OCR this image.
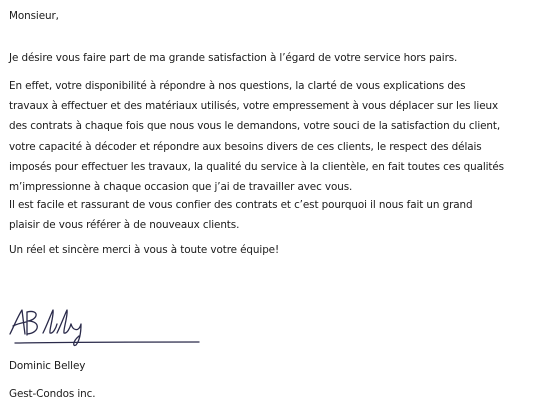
Monsieur,
Je désire vous faire part de ma grande satisfaction à l’égard de votre service hors pairs.
En effet, votre disponibilité à répondre à nos questions, la clarté de vous explications des
travaux à effectuer et des matériaux utilisés, votre empressement à vous déplacer sur les lieux
des contrats à chaque fois que nous vous le demandons, votre souci de la satisfaction du client,
votre capacité à décoder et répondre aux besoins divers de ces clients, le respect des délais
imposés pour effectuer les travaux, la qualité du service à la clientèle, en fait toutes ces qualités
m’impressionne à chaque occasion que j’ai de travailler avec vous.
Il est facile et rassurant de vous confier des contrats et c’est pourquoi il nous fait un grand
plaisir de vous référer à de nouveaux clients.
Un réel et sincère merci à vous à toute votre équipe!
Dominic Belley
Gest-Condos inc.
